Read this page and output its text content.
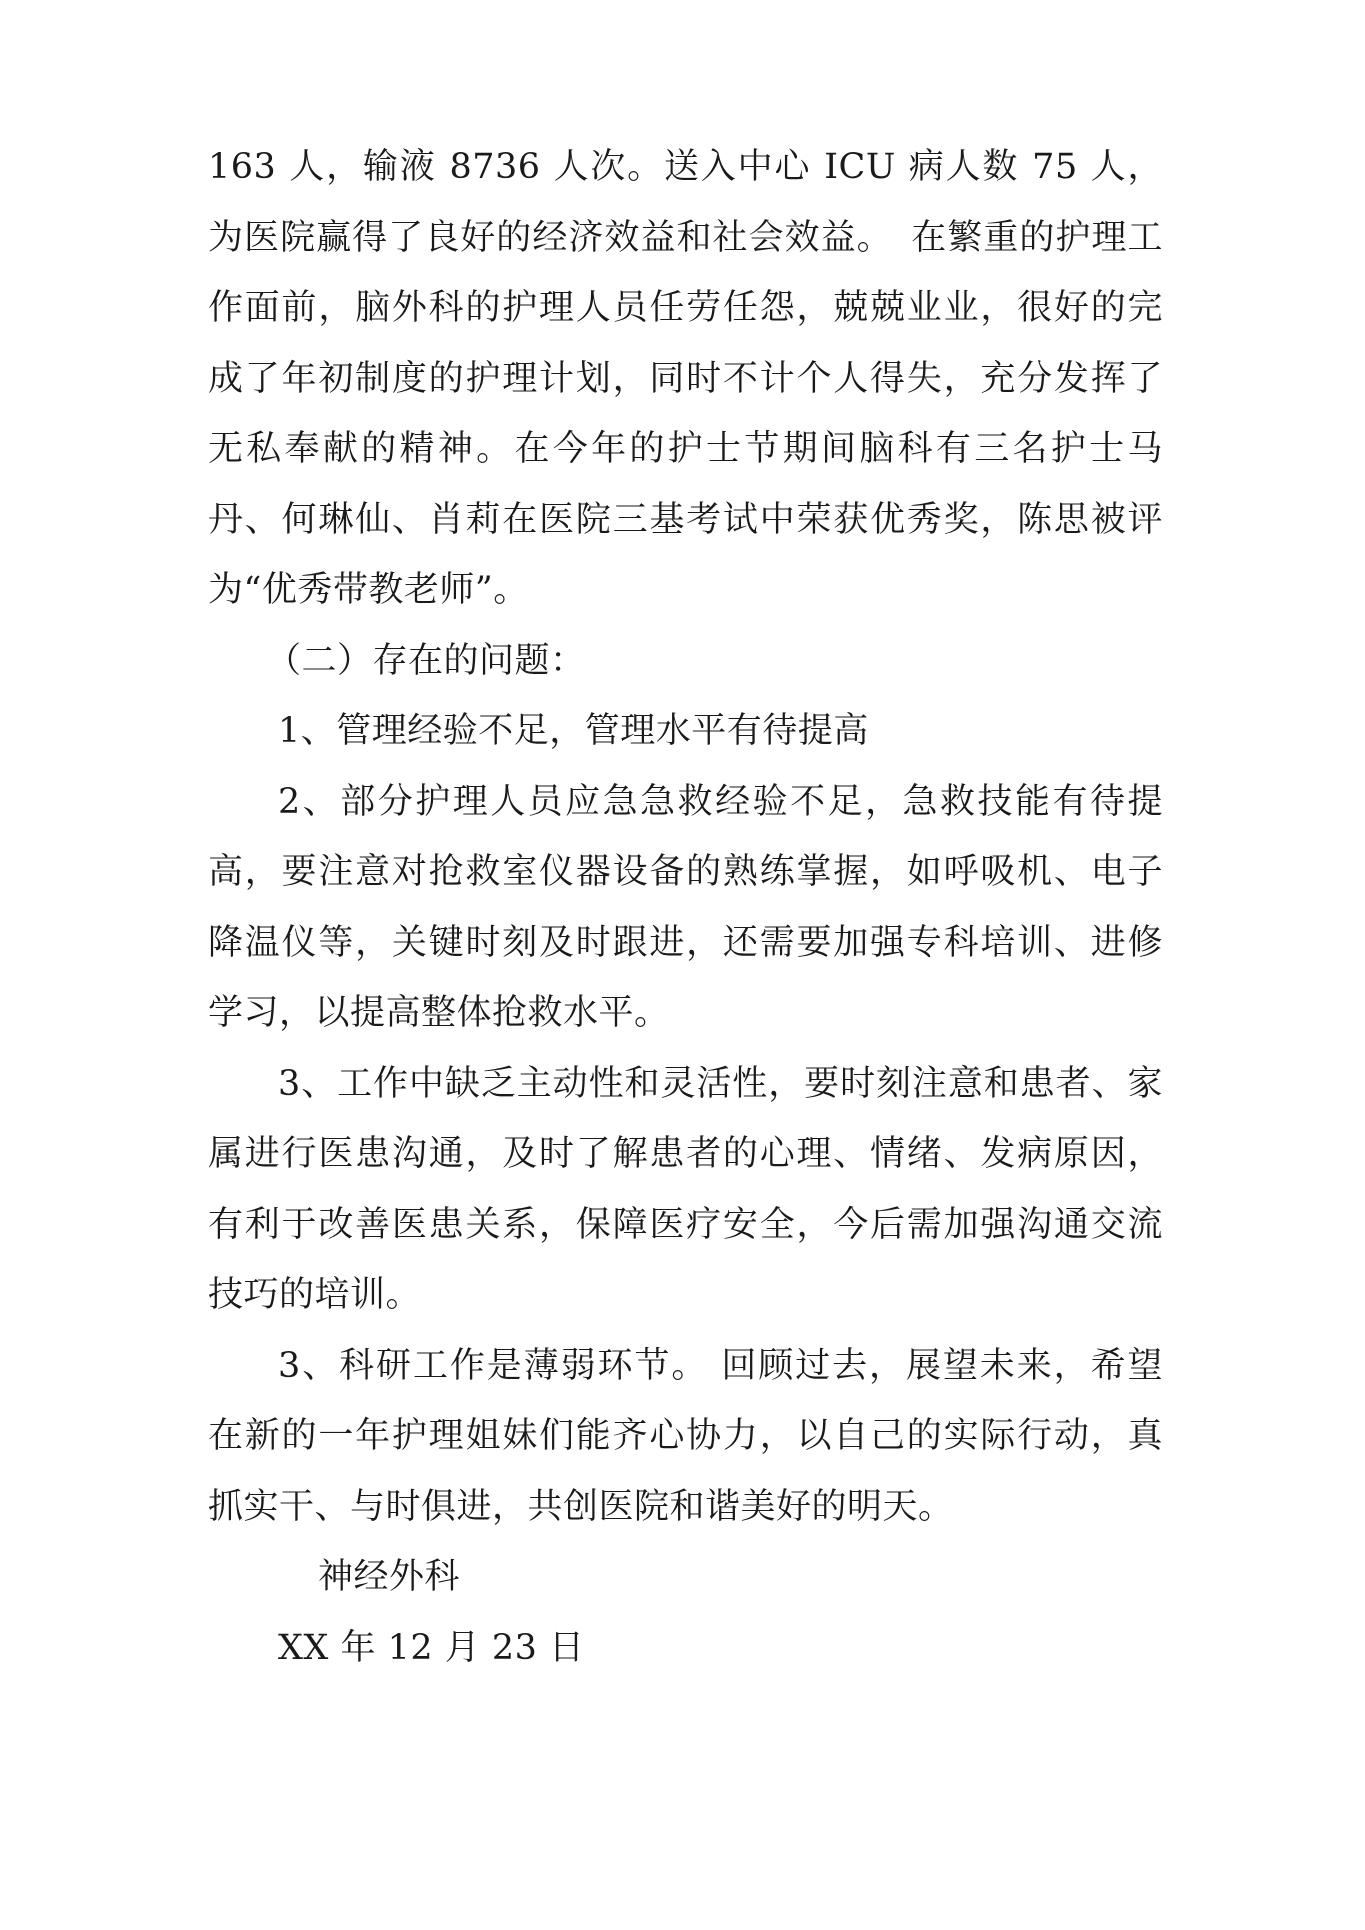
163 人，输液 8736 人次。送入中心 ICU 病人数 75 人，为医院赢得了良好的经济效益和社会效益。　在繁重的护理工作面前，脑外科的护理人员任劳任怨，兢兢业业，很好的完成了年初制度的护理计划，同时不计个人得失，充分发挥了无私奉献的精神。在今年的护士节期间脑科有三名护士马丹、何琳仙、肖莉在医院三基考试中荣获优秀奖，陈思被评为“优秀带教老师”。

（二）存在的问题：

1、管理经验不足，管理水平有待提高

2、部分护理人员应急急救经验不足，急救技能有待提高，要注意对抢救室仪器设备的熟练掌握，如呼吸机、电子降温仪等，关键时刻及时跟进，还需要加强专科培训、进修学习，以提高整体抢救水平。

3、工作中缺乏主动性和灵活性，要时刻注意和患者、家属进行医患沟通，及时了解患者的心理、情绪、发病原因，有利于改善医患关系，保障医疗安全，今后需加强沟通交流技巧的培训。

3、科研工作是薄弱环节。 回顾过去，展望未来，希望在新的一年护理姐妹们能齐心协力，以自己的实际行动，真抓实干、与时俱进，共创医院和谐美好的明天。

神经外科

XX 年 12 月 23 日
